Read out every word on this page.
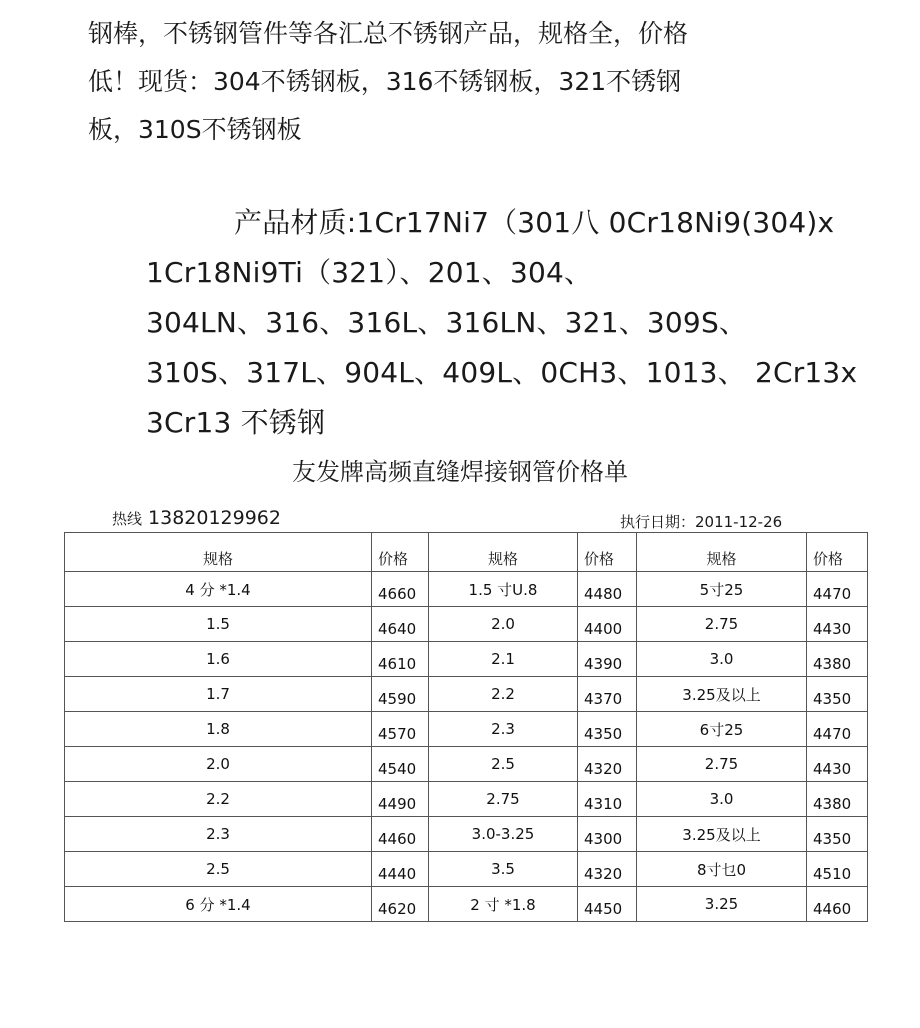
钢棒，不锈钢管件等各汇总不锈钢产品，规格全，价格
低！现货：304不锈钢板，316不锈钢板，321不锈钢
板，310S不锈钢板
产品材质:1Cr17Ni7（301八 0Cr18Ni9(304)x
1Cr18Ni9Ti（321）、201、304、
304LN、316、316L、316LN、321、309S、
310S、317L、904L、409L、0CH3、1013、 2Cr13x
3Cr13 不锈钢
友发牌高频直缝焊接钢管价格单
热线 13820129962	执行日期：2011-12-26
规格	价格	规格	价格	规格	价格
4 分 *1.4	4660	1.5 寸U.8	4480	5寸25	4470
1.5	4640	2.0	4400	2.75	4430
1.6	4610	2.1	4390	3.0	4380
1.7	4590	2.2	4370	3.25及以上	4350
1.8	4570	2.3	4350	6寸25	4470
2.0	4540	2.5	4320	2.75	4430
2.2	4490	2.75	4310	3.0	4380
2.3	4460	3.0-3.25	4300	3.25及以上	4350
2.5	4440	3.5	4320	8寸乜0	4510
6 分 *1.4	4620	2 寸 *1.8	4450	3.25	4460
